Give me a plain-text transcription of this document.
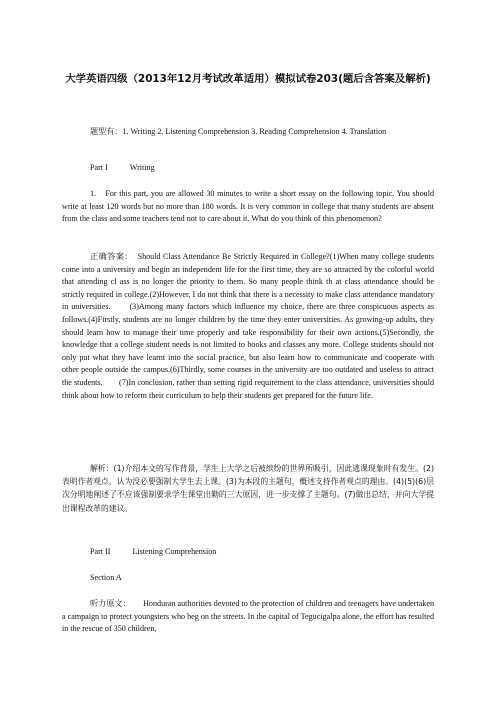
大学英语四级（2013年12月考试改革适用）模拟试卷203(题后含答案及解析)
题型有：1. Writing 2. Listening Comprehension 3. Reading Comprehension 4. Translation
Part I	Writing
1.　For this part, you are allowed 30 minutes to write a short essay on the following topic. You should write at least 120 words but no more than 180 words. It is very common in college that many students are absent from the class and some teachers tend not to care about it. What do you think of this phenomenon?
正确答案：　Should Class Attendance Be Strictly Required in College?(1)When many college students come into a university and begin an independent life for the first time, they are so attracted by the colorful world that attending cl ass is no longer the priority to them. So many people think th at class attendance should be strictly required in college.(2)However, I do not think that there is a necessity to make class attendance mandatory in universities.　　(3)Among many factors which influence my choice, there are three conspicuous aspects as follows.(4)Firstly, students are no longer children by the time they enter universities. As growing-up adults, they should learn how to manage their time properly and take responsibility for their own actions.(5)Secondly, the knowledge that a college student needs is not limited to books and classes any more. College students should not only put what they have learnt into the social practice, but also learn how to communicate and cooperate with other people outside the campus.(6)Thirdly, some courses in the university are too outdated and useless to attract the students.　　(7)In conclusion, rather than setting rigid requirement to the class attendance, universities should think about how to reform their curriculum to help their students get prepared for the future life.
解析：(1)介绍本文的写作背景，学生上大学之后被缤纷的世界所吸引，因此逃课现象时有发生。(2)表明作者观点，认为没必要强制大学生去上课。(3)为本段的主题句，概述支持作者观点的理由。(4)(5)(6)层次分明地阐述了不应该强制要求学生课堂出勤的三大原因，进一步支撑了主题句。(7)做出总结，并向大学提出课程改革的建议。
Part II	Listening Comprehension
Section A
听力原文：　　Honduran authorities devoted to the protection of children and teenagers have undertaken a campaign to protect youngsters who beg on the streets. In the capital of Tegucigalpa alone, the effort has resulted in the rescue of 350 children,
